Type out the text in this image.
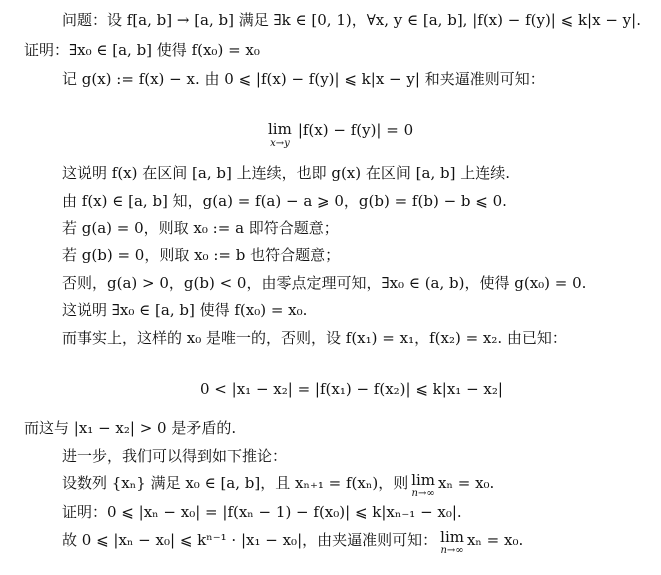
问题：设 f[a, b] → [a, b] 满足 ∃k ∈ [0, 1)，∀x, y ∈ [a, b], |f(x) − f(y)| ⩽ k|x − y|.
证明：∃x₀ ∈ [a, b] 使得 f(x₀) = x₀
记 g(x) := f(x) − x. 由 0 ⩽ |f(x) − f(y)| ⩽ k|x − y| 和夹逼准则可知：
lim
x→y
|f(x) − f(y)| = 0
这说明 f(x) 在区间 [a, b] 上连续，也即 g(x) 在区间 [a, b] 上连续.
由 f(x) ∈ [a, b] 知，g(a) = f(a) − a ⩾ 0，g(b) = f(b) − b ⩽ 0.
若 g(a) = 0，则取 x₀ := a 即符合题意；
若 g(b) = 0，则取 x₀ := b 也符合题意；
否则，g(a) > 0，g(b) < 0，由零点定理可知，∃x₀ ∈ (a, b)，使得 g(x₀) = 0.
这说明 ∃x₀ ∈ [a, b] 使得 f(x₀) = x₀.
而事实上，这样的 x₀ 是唯一的，否则，设 f(x₁) = x₁，f(x₂) = x₂. 由已知：
0 < |x₁ − x₂| = |f(x₁) − f(x₂)| ⩽ k|x₁ − x₂|
而这与 |x₁ − x₂| > 0 是矛盾的.
进一步，我们可以得到如下推论：
设数列 {xₙ} 满足 x₀ ∈ [a, b]，且 xₙ₊₁ = f(xₙ)，则 lim
n→∞
xₙ = x₀.
证明：0 ⩽ |xₙ − x₀| = |f(xₙ − 1) − f(x₀)| ⩽ k|xₙ₋₁ − x₀|.
故 0 ⩽ |xₙ − x₀| ⩽ kⁿ⁻¹ · |x₁ − x₀|，由夹逼准则可知： lim
n→∞
xₙ = x₀.
